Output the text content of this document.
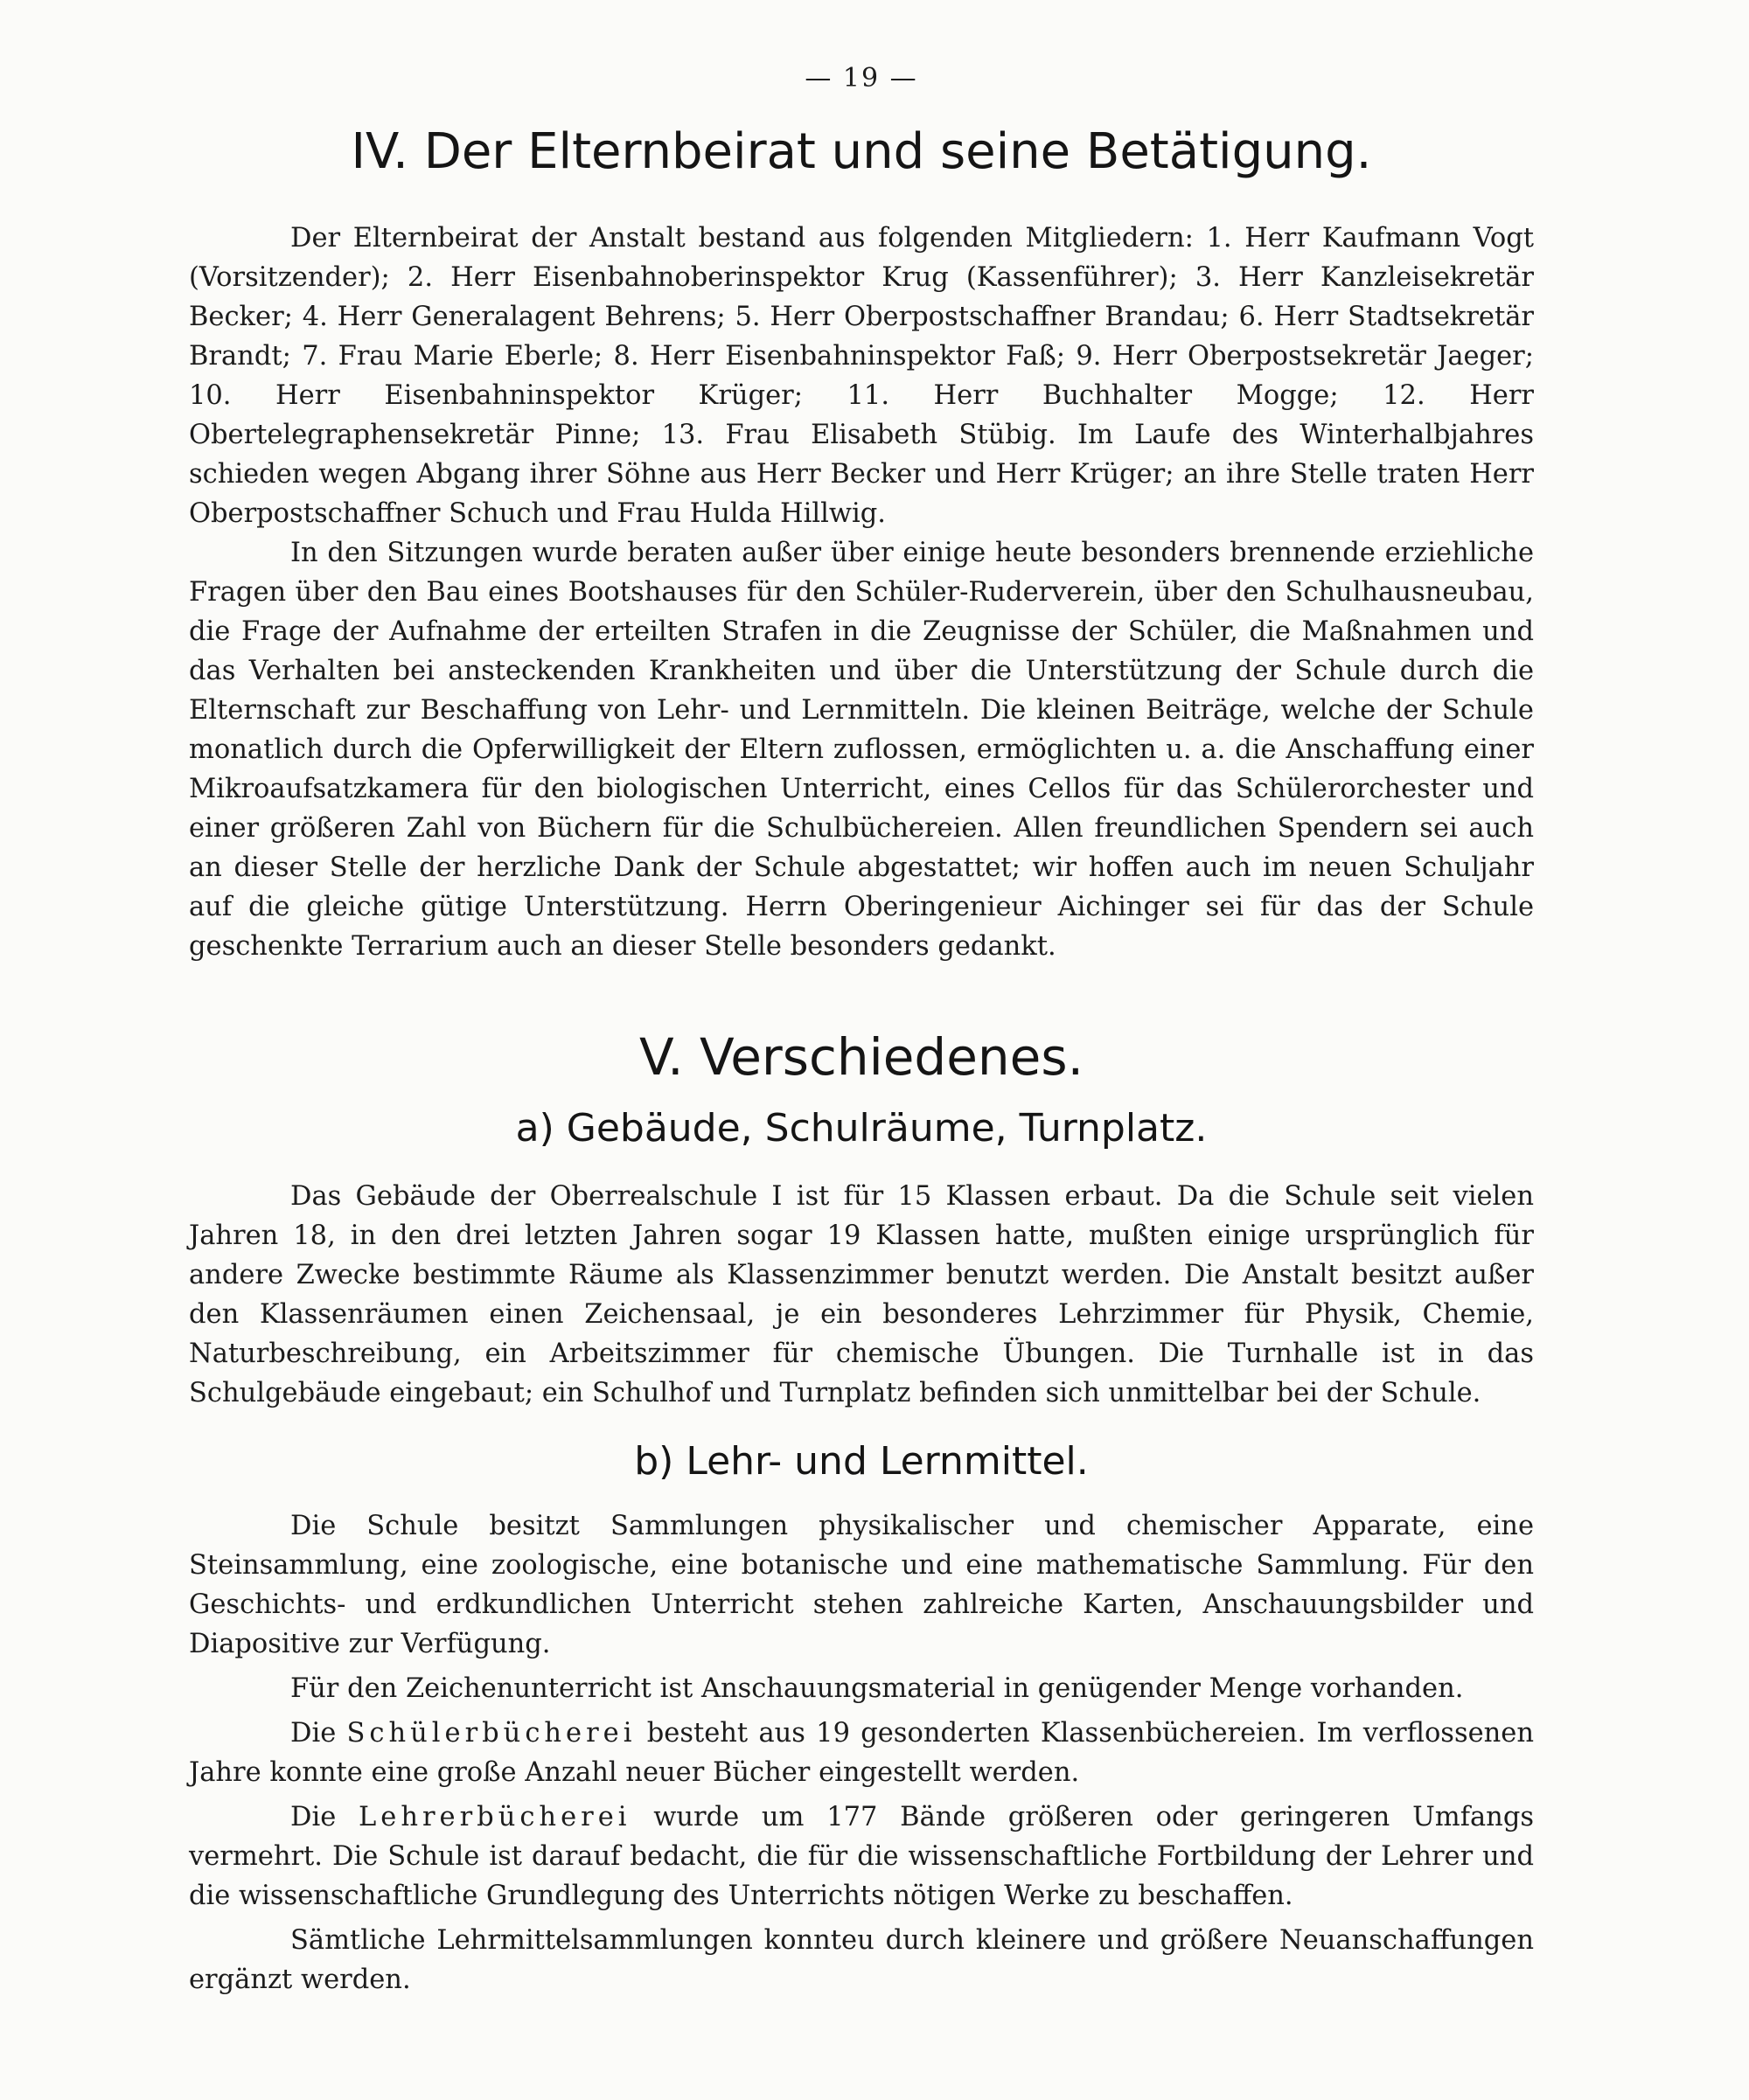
— 19 —
IV. Der Elternbeirat und seine Betätigung.

Der Elternbeirat der Anstalt bestand aus folgenden Mitgliedern: 1. Herr Kaufmann Vogt (Vorsitzender); 2. Herr Eisenbahnoberinspektor Krug (Kassenführer); 3. Herr Kanzleisekretär Becker; 4. Herr Generalagent Behrens; 5. Herr Oberpostschaffner Brandau; 6. Herr Stadtsekretär Brandt; 7. Frau Marie Eberle; 8. Herr Eisenbahninspektor Faß; 9. Herr Oberpostsekretär Jaeger; 10. Herr Eisenbahninspektor Krüger; 11. Herr Buchhalter Mogge; 12. Herr Obertelegraphensekretär Pinne; 13. Frau Elisabeth Stübig. Im Laufe des Winterhalbjahres schieden wegen Abgang ihrer Söhne aus Herr Becker und Herr Krüger; an ihre Stelle traten Herr Oberpostschaffner Schuch und Frau Hulda Hillwig.

In den Sitzungen wurde beraten außer über einige heute besonders brennende erziehliche Fragen über den Bau eines Bootshauses für den Schüler-Ruderverein, über den Schulhausneubau, die Frage der Aufnahme der erteilten Strafen in die Zeugnisse der Schüler, die Maßnahmen und das Verhalten bei ansteckenden Krankheiten und über die Unterstützung der Schule durch die Elternschaft zur Beschaffung von Lehr- und Lernmitteln. Die kleinen Beiträge, welche der Schule monatlich durch die Opferwilligkeit der Eltern zuflossen, ermöglichten u. a. die Anschaffung einer Mikroaufsatzkamera für den biologischen Unterricht, eines Cellos für das Schülerorchester und einer größeren Zahl von Büchern für die Schulbüchereien. Allen freundlichen Spendern sei auch an dieser Stelle der herzliche Dank der Schule abgestattet; wir hoffen auch im neuen Schuljahr auf die gleiche gütige Unterstützung. Herrn Oberingenieur Aichinger sei für das der Schule geschenkte Terrarium auch an dieser Stelle besonders gedankt.

V. Verschiedenes.
a) Gebäude, Schulräume, Turnplatz.

Das Gebäude der Oberrealschule I ist für 15 Klassen erbaut. Da die Schule seit vielen Jahren 18, in den drei letzten Jahren sogar 19 Klassen hatte, mußten einige ursprünglich für andere Zwecke bestimmte Räume als Klassenzimmer benutzt werden. Die Anstalt besitzt außer den Klassenräumen einen Zeichensaal, je ein besonderes Lehrzimmer für Physik, Chemie, Naturbeschreibung, ein Arbeitszimmer für chemische Übungen. Die Turnhalle ist in das Schulgebäude eingebaut; ein Schulhof und Turnplatz befinden sich unmittelbar bei der Schule.

b) Lehr- und Lernmittel.

Die Schule besitzt Sammlungen physikalischer und chemischer Apparate, eine Steinsammlung, eine zoologische, eine botanische und eine mathematische Sammlung. Für den Geschichts- und erdkundlichen Unterricht stehen zahlreiche Karten, Anschauungsbilder und Diapositive zur Verfügung.

Für den Zeichenunterricht ist Anschauungsmaterial in genügender Menge vorhanden.

Die Schülerbücherei besteht aus 19 gesonderten Klassenbüchereien. Im verflossenen Jahre konnte eine große Anzahl neuer Bücher eingestellt werden.

Die Lehrerbücherei wurde um 177 Bände größeren oder geringeren Umfangs vermehrt. Die Schule ist darauf bedacht, die für die wissenschaftliche Fortbildung der Lehrer und die wissenschaftliche Grundlegung des Unterrichts nötigen Werke zu beschaffen.

Sämtliche Lehrmittelsammlungen konnteu durch kleinere und größere Neuanschaffungen ergänzt werden.
